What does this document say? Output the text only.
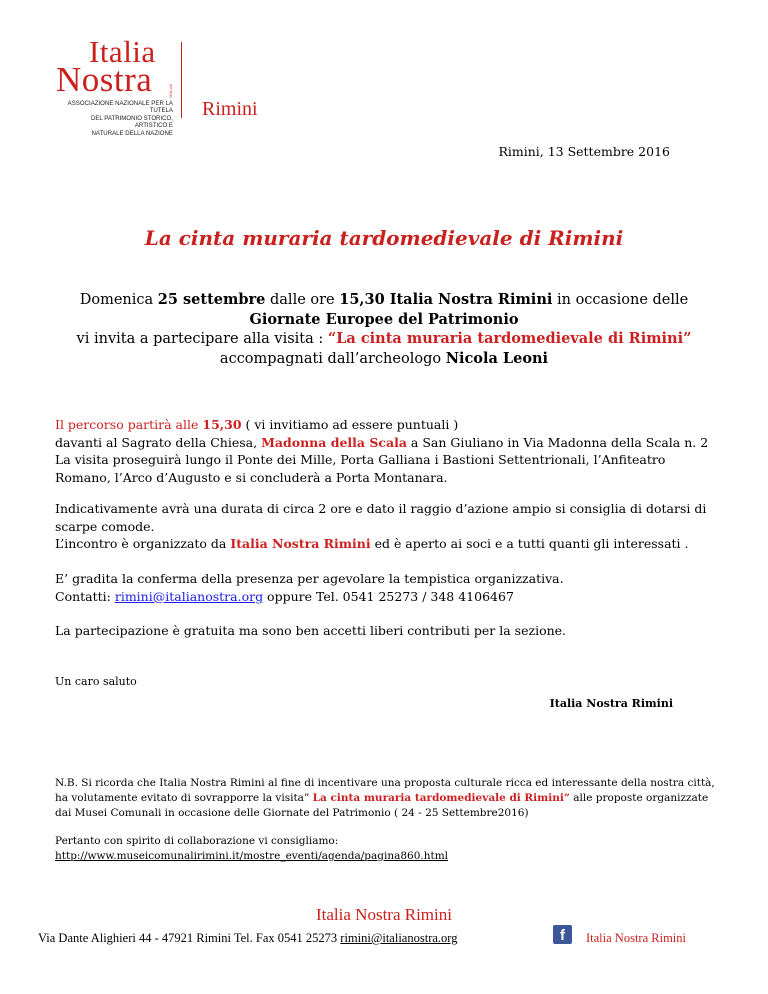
Italia
Nostra	ONLUS
ASSOCIAZIONE NAZIONALE PER LA TUTELA
DEL PATRIMONIO STORICO, ARTISTICO E
NATURALE DELLA NAZIONE
Rimini
Rimini, 13 Settembre 2016
La cinta muraria tardomedievale di Rimini
Domenica 25 settembre dalle ore 15,30 Italia Nostra Rimini in occasione delle
Giornate Europee del Patrimonio
vi invita a partecipare alla visita : “La cinta muraria tardomedievale di Rimini”
accompagnati dall’archeologo Nicola Leoni
Il percorso partirà alle 15,30 ( vi invitiamo ad essere puntuali )
davanti al Sagrato della Chiesa, Madonna della Scala a San Giuliano in Via Madonna della Scala n. 2
La visita proseguirà lungo il Ponte dei Mille, Porta Galliana i Bastioni Settentrionali, l’Anfiteatro Romano, l’Arco d’Augusto e si concluderà a Porta Montanara.
Indicativamente avrà una durata di circa 2 ore e dato il raggio d’azione ampio si consiglia di dotarsi di scarpe comode.
L’incontro è organizzato da Italia Nostra Rimini ed è aperto ai soci e a tutti quanti gli interessati .
E’ gradita la conferma della presenza per agevolare la tempistica organizzativa.
Contatti: rimini@italianostra.org oppure Tel. 0541 25273 / 348 4106467
La partecipazione è gratuita ma sono ben accetti liberi contributi per la sezione.
Un caro saluto
Italia Nostra Rimini
N.B. Si ricorda che Italia Nostra Rimini al fine di incentivare una proposta culturale ricca ed interessante della nostra città, ha volutamente evitato di sovrapporre la visita” La cinta muraria tardomedievale di Rimini” alle proposte organizzate dai Musei Comunali in occasione delle Giornate del Patrimonio ( 24 - 25 Settembre2016)
Pertanto con spirito di collaborazione vi consigliamo:
http://www.museicomunalirimini.it/mostre_eventi/agenda/pagina860.html
Italia Nostra Rimini
Via Dante Alighieri 44 - 47921 Rimini Tel. Fax 0541 25273 rimini@italianostra.org	f	Italia Nostra Rimini
